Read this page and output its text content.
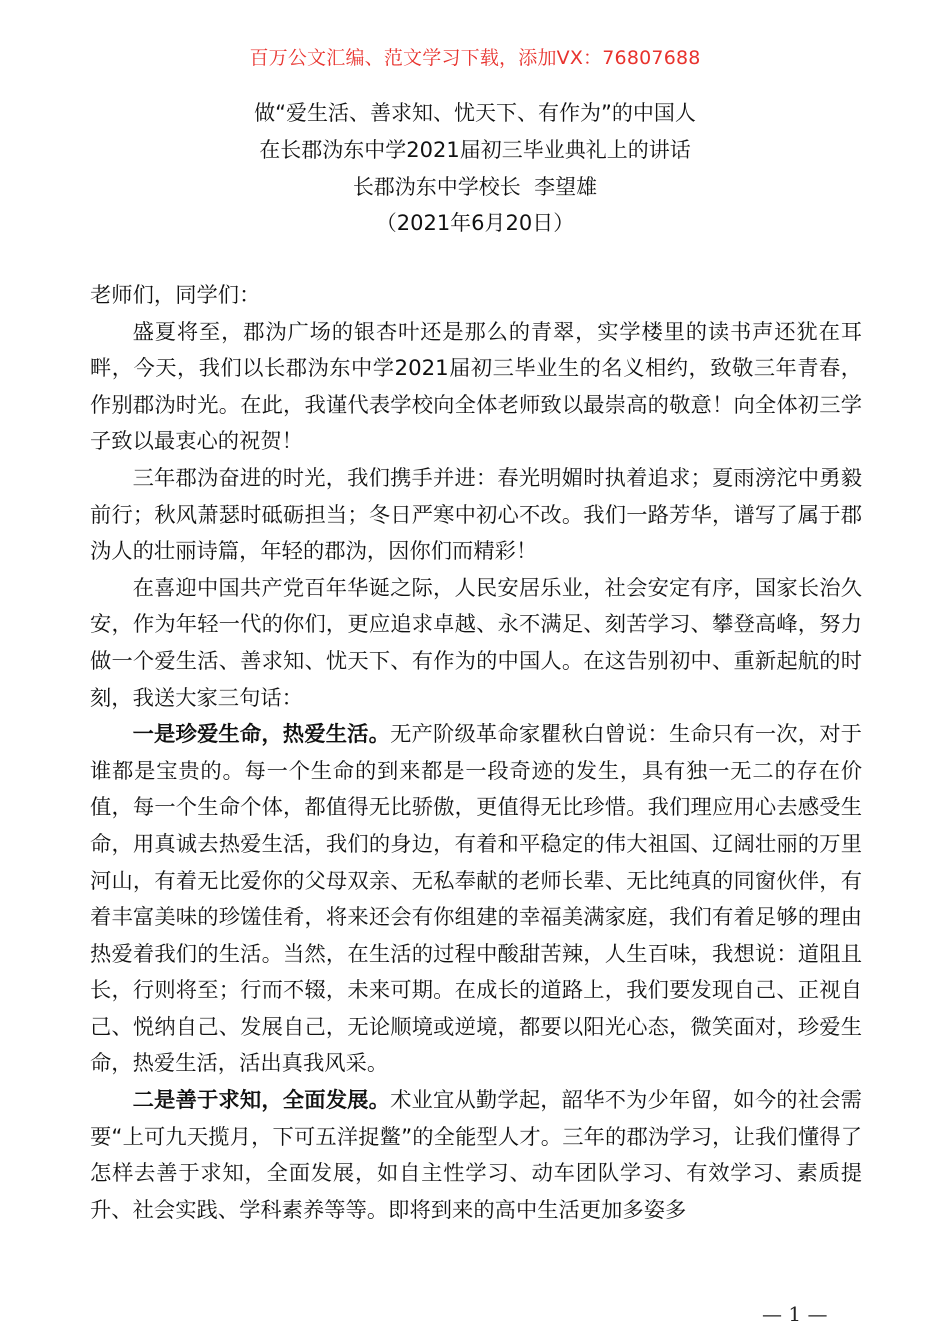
百万公文汇编、范文学习下载，添加VX：76807688
做“爱生活、善求知、忧天下、有作为”的中国人
在长郡沩东中学2021届初三毕业典礼上的讲话
长郡沩东中学校长  李望雄
（2021年6月20日）

老师们，同学们：

盛夏将至，郡沩广场的银杏叶还是那么的青翠，实学楼里的读书声还犹在耳畔，今天，我们以长郡沩东中学2021届初三毕业生的名义相约，致敬三年青春，作别郡沩时光。在此，我谨代表学校向全体老师致以最崇高的敬意！向全体初三学子致以最衷心的祝贺！

三年郡沩奋进的时光，我们携手并进：春光明媚时执着追求；夏雨滂沱中勇毅前行；秋风萧瑟时砥砺担当；冬日严寒中初心不改。我们一路芳华，谱写了属于郡沩人的壮丽诗篇，年轻的郡沩，因你们而精彩！

在喜迎中国共产党百年华诞之际，人民安居乐业，社会安定有序，国家长治久安，作为年轻一代的你们，更应追求卓越、永不满足、刻苦学习、攀登高峰，努力做一个爱生活、善求知、忧天下、有作为的中国人。在这告别初中、重新起航的时刻，我送大家三句话：

一是珍爱生命，热爱生活。无产阶级革命家瞿秋白曾说：生命只有一次，对于谁都是宝贵的。每一个生命的到来都是一段奇迹的发生，具有独一无二的存在价值，每一个生命个体，都值得无比骄傲，更值得无比珍惜。我们理应用心去感受生命，用真诚去热爱生活，我们的身边，有着和平稳定的伟大祖国、辽阔壮丽的万里河山，有着无比爱你的父母双亲、无私奉献的老师长辈、无比纯真的同窗伙伴，有着丰富美味的珍馐佳肴，将来还会有你组建的幸福美满家庭，我们有着足够的理由热爱着我们的生活。当然，在生活的过程中酸甜苦辣，人生百味，我想说：道阻且长，行则将至；行而不辍，未来可期。在成长的道路上，我们要发现自己、正视自己、悦纳自己、发展自己，无论顺境或逆境，都要以阳光心态，微笑面对，珍爱生命，热爱生活，活出真我风采。

二是善于求知，全面发展。术业宜从勤学起，韶华不为少年留，如今的社会需要“上可九天揽月，下可五洋捉鳖”的全能型人才。三年的郡沩学习，让我们懂得了怎样去善于求知，全面发展，如自主性学习、动车团队学习、有效学习、素质提升、社会实践、学科素养等等。即将到来的高中生活更加多姿多

— 1 —
